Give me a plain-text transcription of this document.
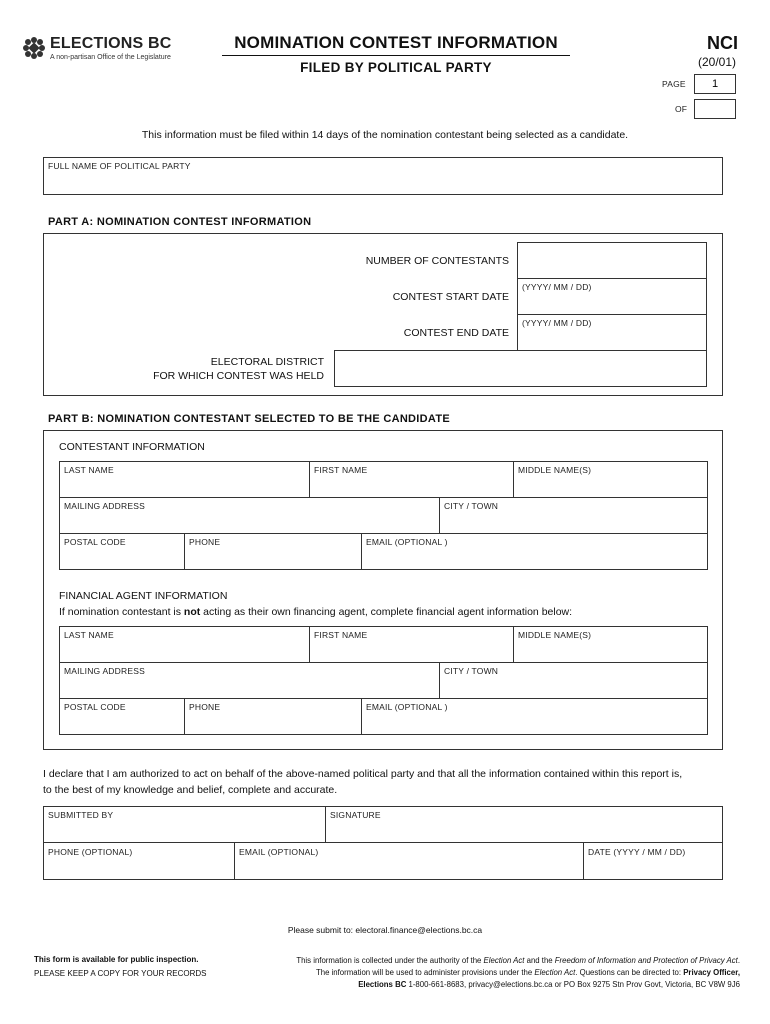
ELECTIONS BC
A non-partisan Office of the Legislature
NOMINATION CONTEST INFORMATION
FILED BY POLITICAL PARTY
NCI
(20/01)
PAGE
1
OF
This information must be filed within 14 days of the nomination contestant being selected as a candidate.
FULL NAME OF POLITICAL PARTY
PART A: NOMINATION CONTEST INFORMATION
NUMBER OF CONTESTANTS
CONTEST START DATE
(YYYY/ MM / DD)
CONTEST END DATE
(YYYY/ MM / DD)
ELECTORAL DISTRICT
FOR WHICH CONTEST WAS HELD
PART B: NOMINATION CONTESTANT SELECTED TO BE THE CANDIDATE
CONTESTANT INFORMATION
LAST NAME	FIRST NAME	MIDDLE NAME(S)
MAILING ADDRESS	CITY / TOWN
POSTAL CODE	PHONE	EMAIL (OPTIONAL )
FINANCIAL AGENT INFORMATION
If nomination contestant is not acting as their own financing agent, complete financial agent information below:
LAST NAME	FIRST NAME	MIDDLE NAME(S)
MAILING ADDRESS	CITY / TOWN
POSTAL CODE	PHONE	EMAIL (OPTIONAL )
I declare that I am authorized to act on behalf of the above-named political party and that all the information contained within this report is,
to the best of my knowledge and belief, complete and accurate.
SUBMITTED BY	SIGNATURE
PHONE (OPTIONAL)	EMAIL (OPTIONAL)	DATE (YYYY / MM / DD)
Please submit to: electoral.finance@elections.bc.ca
This form is available for public inspection.
PLEASE KEEP A COPY FOR YOUR RECORDS
This information is collected under the authority of the Election Act and the Freedom of Information and Protection of Privacy Act.
The information will be used to administer provisions under the Election Act. Questions can be directed to: Privacy Officer,
Elections BC 1-800-661-8683, privacy@elections.bc.ca or PO Box 9275 Stn Prov Govt, Victoria, BC V8W 9J6
